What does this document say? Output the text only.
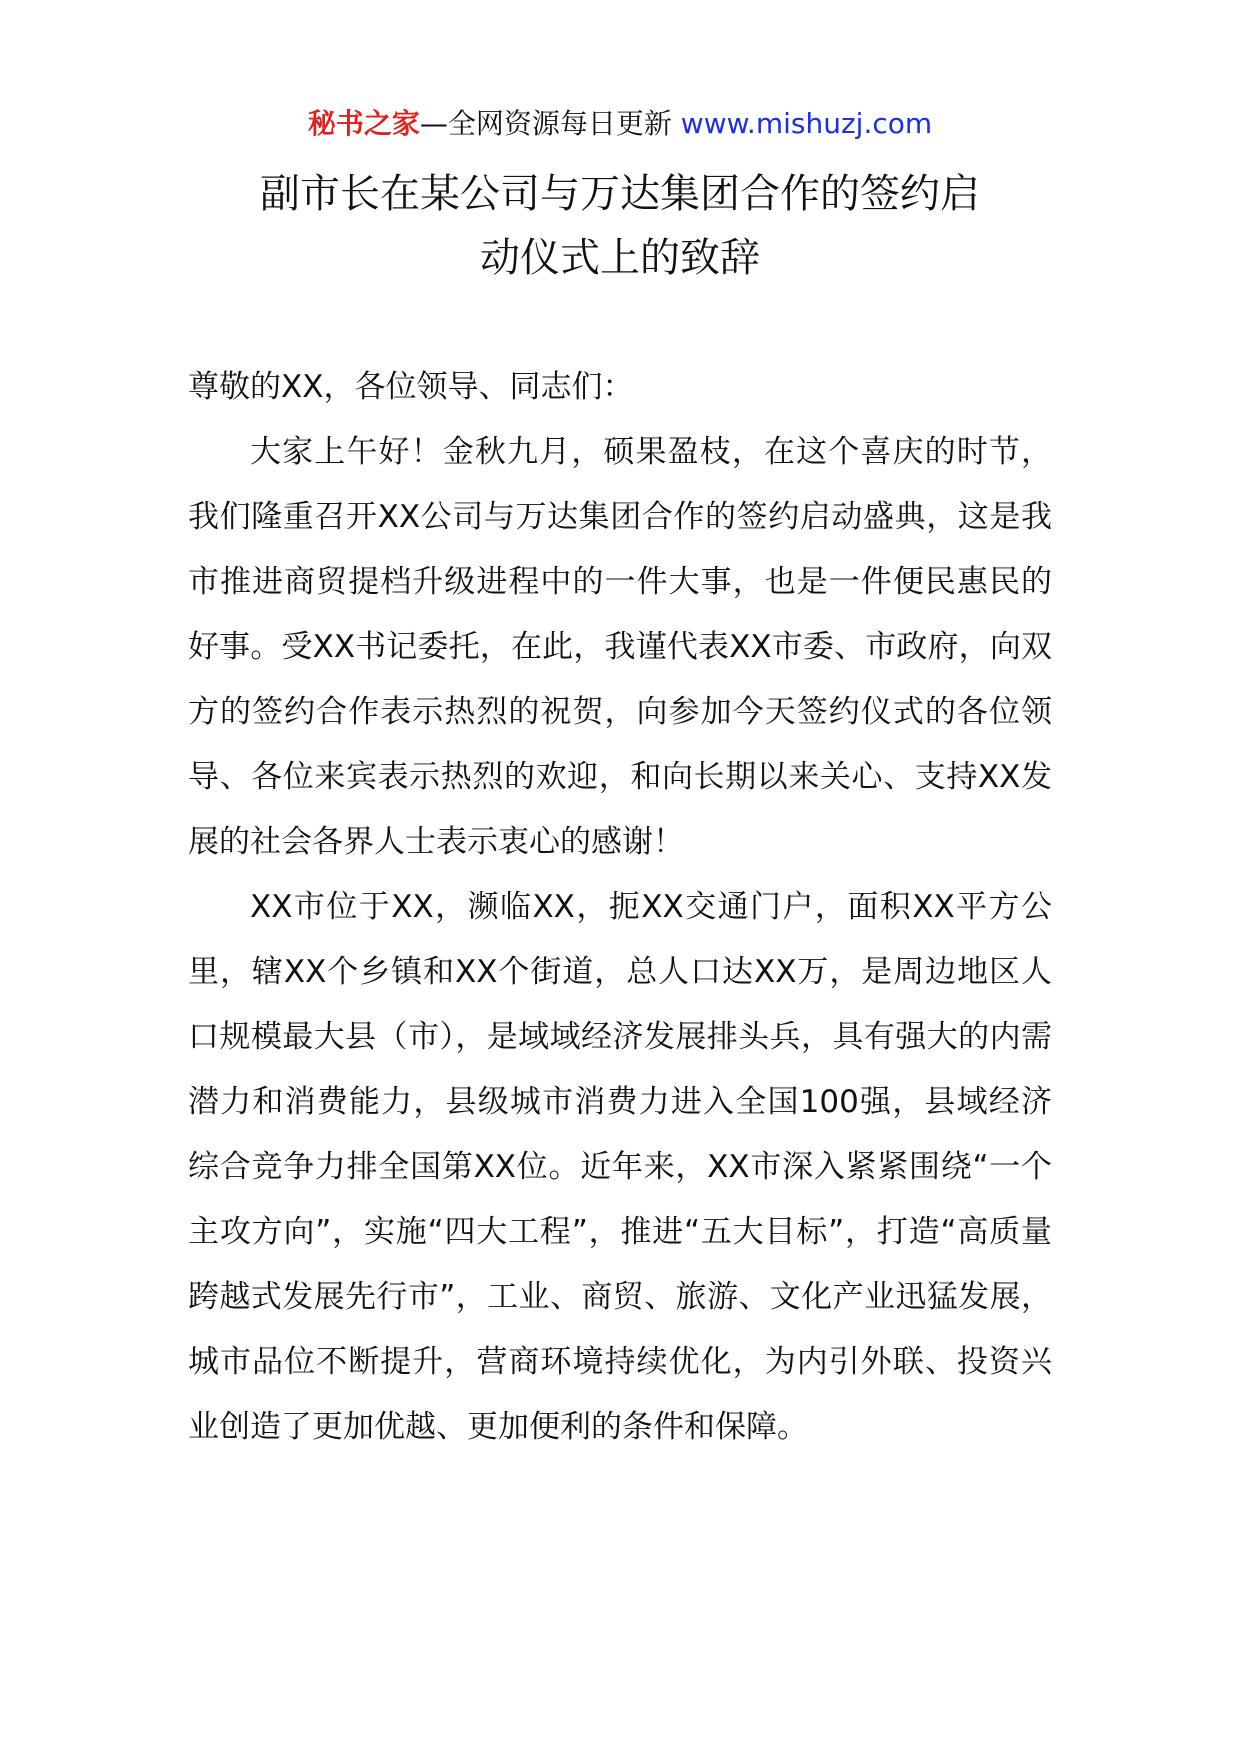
秘书之家—全网资源每日更新 www.mishuzj.com
副市长在某公司与万达集团合作的签约启
动仪式上的致辞

尊敬的XX，各位领导、同志们：

大家上午好！金秋九月，硕果盈枝，在这个喜庆的时节，我们隆重召开XX公司与万达集团合作的签约启动盛典，这是我市推进商贸提档升级进程中的一件大事，也是一件便民惠民的好事。受XX书记委托，在此，我谨代表XX市委、市政府，向双方的签约合作表示热烈的祝贺，向参加今天签约仪式的各位领导、各位来宾表示热烈的欢迎，和向长期以来关心、支持XX发展的社会各界人士表示衷心的感谢！

XX市位于XX，濒临XX，扼XX交通门户，面积XX平方公里，辖XX个乡镇和XX个街道，总人口达XX万，是周边地区人口规模最大县（市），是域域经济发展排头兵，具有强大的内需潜力和消费能力，县级城市消费力进入全国100强，县域经济综合竞争力排全国第XX位。近年来，XX市深入紧紧围绕“一个主攻方向”，实施“四大工程”，推进“五大目标”，打造“高质量跨越式发展先行市”，工业、商贸、旅游、文化产业迅猛发展，城市品位不断提升，营商环境持续优化，为内引外联、投资兴业创造了更加优越、更加便利的条件和保障。
